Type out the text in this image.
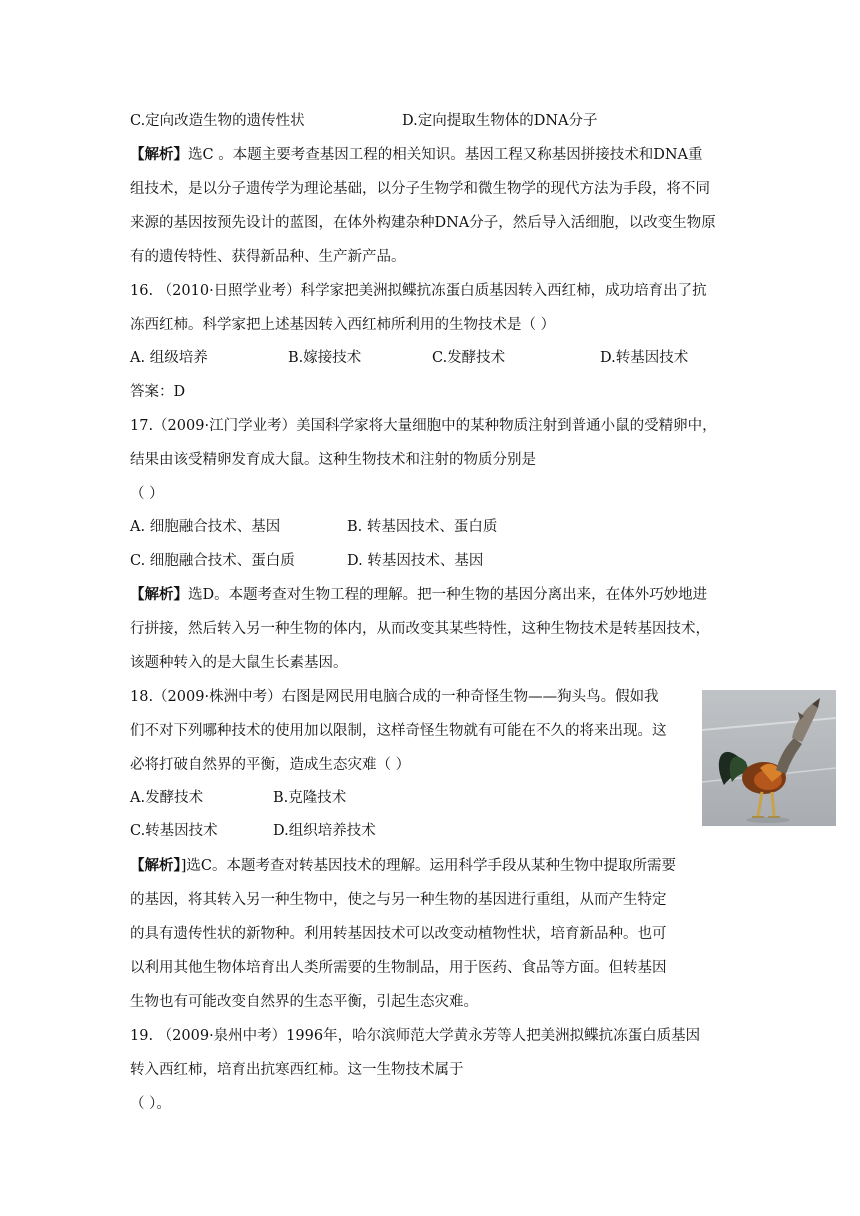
C.定向改造生物的遗传性状	D.定向提取生物体的DNA分子
【解析】选C 。本题主要考查基因工程的相关知识。基因工程又称基因拼接技术和DNA重
组技术，是以分子遗传学为理论基础，以分子生物学和微生物学的现代方法为手段，将不同
来源的基因按预先设计的蓝图，在体外构建杂种DNA分子，然后导入活细胞，以改变生物原
有的遗传特性、获得新品种、生产新产品。
16. （2010·日照学业考）科学家把美洲拟鲽抗冻蛋白质基因转入西红柿，成功培育出了抗
冻西红柿。科学家把上述基因转入西红柿所利用的生物技术是（ ）
A. 组级培养	B.嫁接技术	C.发酵技术	D.转基因技术
答案：D
17.（2009·江门学业考）美国科学家将大量细胞中的某种物质注射到普通小鼠的受精卵中，
结果由该受精卵发育成大鼠。这种生物技术和注射的物质分别是
（ ）
A. 细胞融合技术、基因	B. 转基因技术、蛋白质
C. 细胞融合技术、蛋白质	D. 转基因技术、基因
【解析】选D。本题考查对生物工程的理解。把一种生物的基因分离出来，在体外巧妙地进
行拼接，然后转入另一种生物的体内，从而改变其某些特性，这种生物技术是转基因技术，
该题种转入的是大鼠生长素基因。
18.（2009·株洲中考）右图是网民用电脑合成的一种奇怪生物——狗头鸟。假如我
们不对下列哪种技术的使用加以限制，这样奇怪生物就有可能在不久的将来出现。这
必将打破自然界的平衡，造成生态灾难（ ）
A.发酵技术	B.克隆技术
C.转基因技术	D.组织培养技术
【解析】]选C。本题考查对转基因技术的理解。运用科学手段从某种生物中提取所需要
的基因，将其转入另一种生物中，使之与另一种生物的基因进行重组，从而产生特定
的具有遗传性状的新物种。利用转基因技术可以改变动植物性状，培育新品种。也可
以利用其他生物体培育出人类所需要的生物制品，用于医药、食品等方面。但转基因
生物也有可能改变自然界的生态平衡，引起生态灾难。
19. （2009·泉州中考）1996年，哈尔滨师范大学黄永芳等人把美洲拟鲽抗冻蛋白质基因
转入西红柿，培育出抗寒西红柿。这一生物技术属于
（ ）。
